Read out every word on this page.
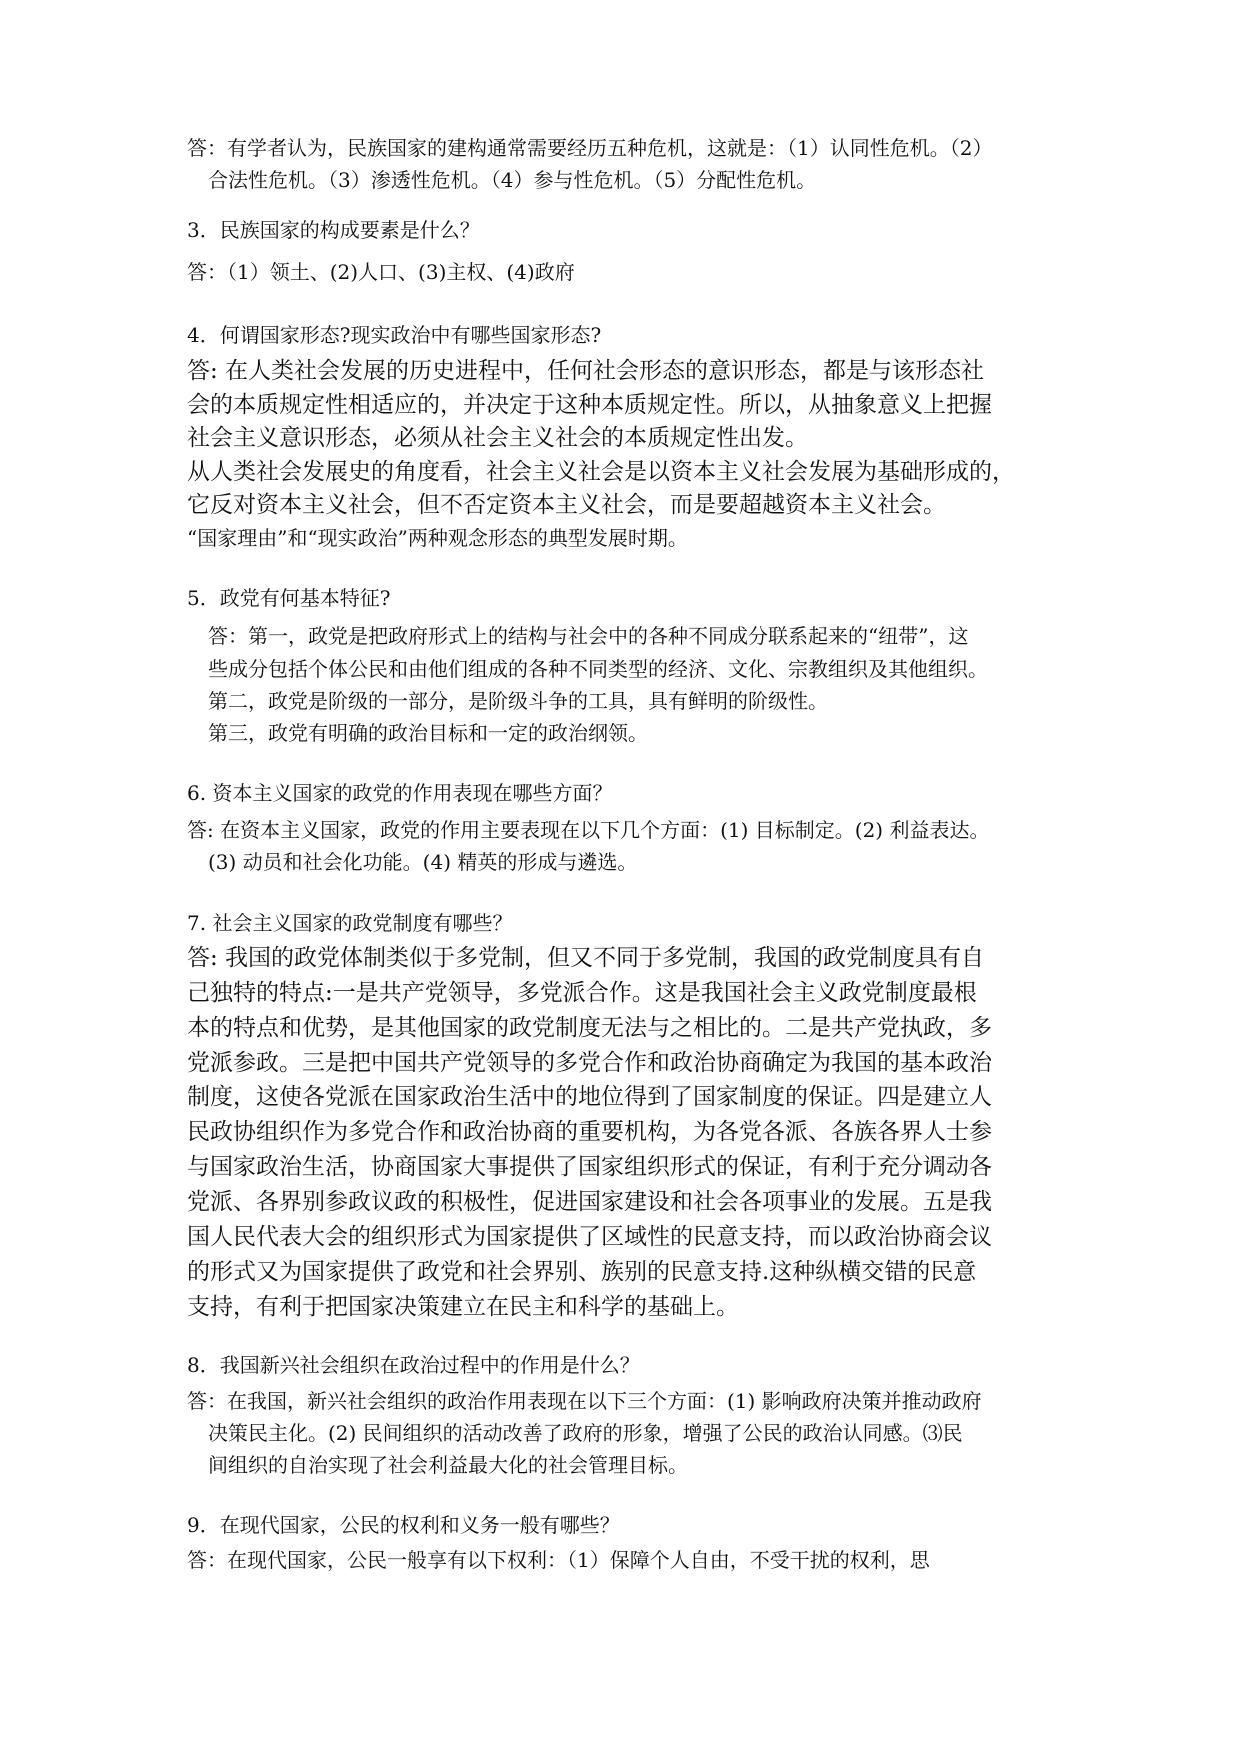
答：有学者认为，民族国家的建构通常需要经历五种危机，这就是：（1）认同性危机。（2）

合法性危机。（3）渗透性危机。（4）参与性危机。（5）分配性危机。

3．民族国家的构成要素是什么？

答：（1）领土、(2)人口、(3)主权、(4)政府

4．何谓国家形态?现实政治中有哪些国家形态?

答: 在人类社会发展的历史进程中，任何社会形态的意识形态，都是与该形态社

会的本质规定性相适应的，并决定于这种本质规定性。所以，从抽象意义上把握

社会主义意识形态，必须从社会主义社会的本质规定性出发。

从人类社会发展史的角度看，社会主义社会是以资本主义社会发展为基础形成的，

它反对资本主义社会，但不否定资本主义社会，而是要超越资本主义社会。

“国家理由”和“现实政治”两种观念形态的典型发展时期。

5．政党有何基本特征?

答：第一，政党是把政府形式上的结构与社会中的各种不同成分联系起来的“纽带”，这

些成分包括个体公民和由他们组成的各种不同类型的经济、文化、宗教组织及其他组织。

第二，政党是阶级的一部分，是阶级斗争的工具，具有鲜明的阶级性。

第三，政党有明确的政治目标和一定的政治纲领。

6. 资本主义国家的政党的作用表现在哪些方面？

答: 在资本主义国家，政党的作用主要表现在以下几个方面：(1) 目标制定。(2) 利益表达。

(3) 动员和社会化功能。(4) 精英的形成与遴选。

7. 社会主义国家的政党制度有哪些？

答: 我国的政党体制类似于多党制，但又不同于多党制，我国的政党制度具有自

己独特的特点:一是共产党领导，多党派合作。这是我国社会主义政党制度最根

本的特点和优势，是其他国家的政党制度无法与之相比的。二是共产党执政，多

党派参政。三是把中国共产党领导的多党合作和政治协商确定为我国的基本政治

制度，这使各党派在国家政治生活中的地位得到了国家制度的保证。四是建立人

民政协组织作为多党合作和政治协商的重要机构，为各党各派、各族各界人士参

与国家政治生活，协商国家大事提供了国家组织形式的保证，有利于充分调动各

党派、各界别参政议政的积极性，促进国家建设和社会各项事业的发展。五是我

国人民代表大会的组织形式为国家提供了区域性的民意支持，而以政治协商会议

的形式又为国家提供了政党和社会界别、族别的民意支持.这种纵横交错的民意

支持，有利于把国家决策建立在民主和科学的基础上。

8．我国新兴社会组织在政治过程中的作用是什么？

答：在我国，新兴社会组织的政治作用表现在以下三个方面：(1) 影响政府决策并推动政府

决策民主化。(2) 民间组织的活动改善了政府的形象，增强了公民的政治认同感。⑶民

间组织的自治实现了社会利益最大化的社会管理目标。

9．在现代国家，公民的权利和义务一般有哪些？

答：在现代国家，公民一般享有以下权利：（1）保障个人自由，不受干扰的权利，思
